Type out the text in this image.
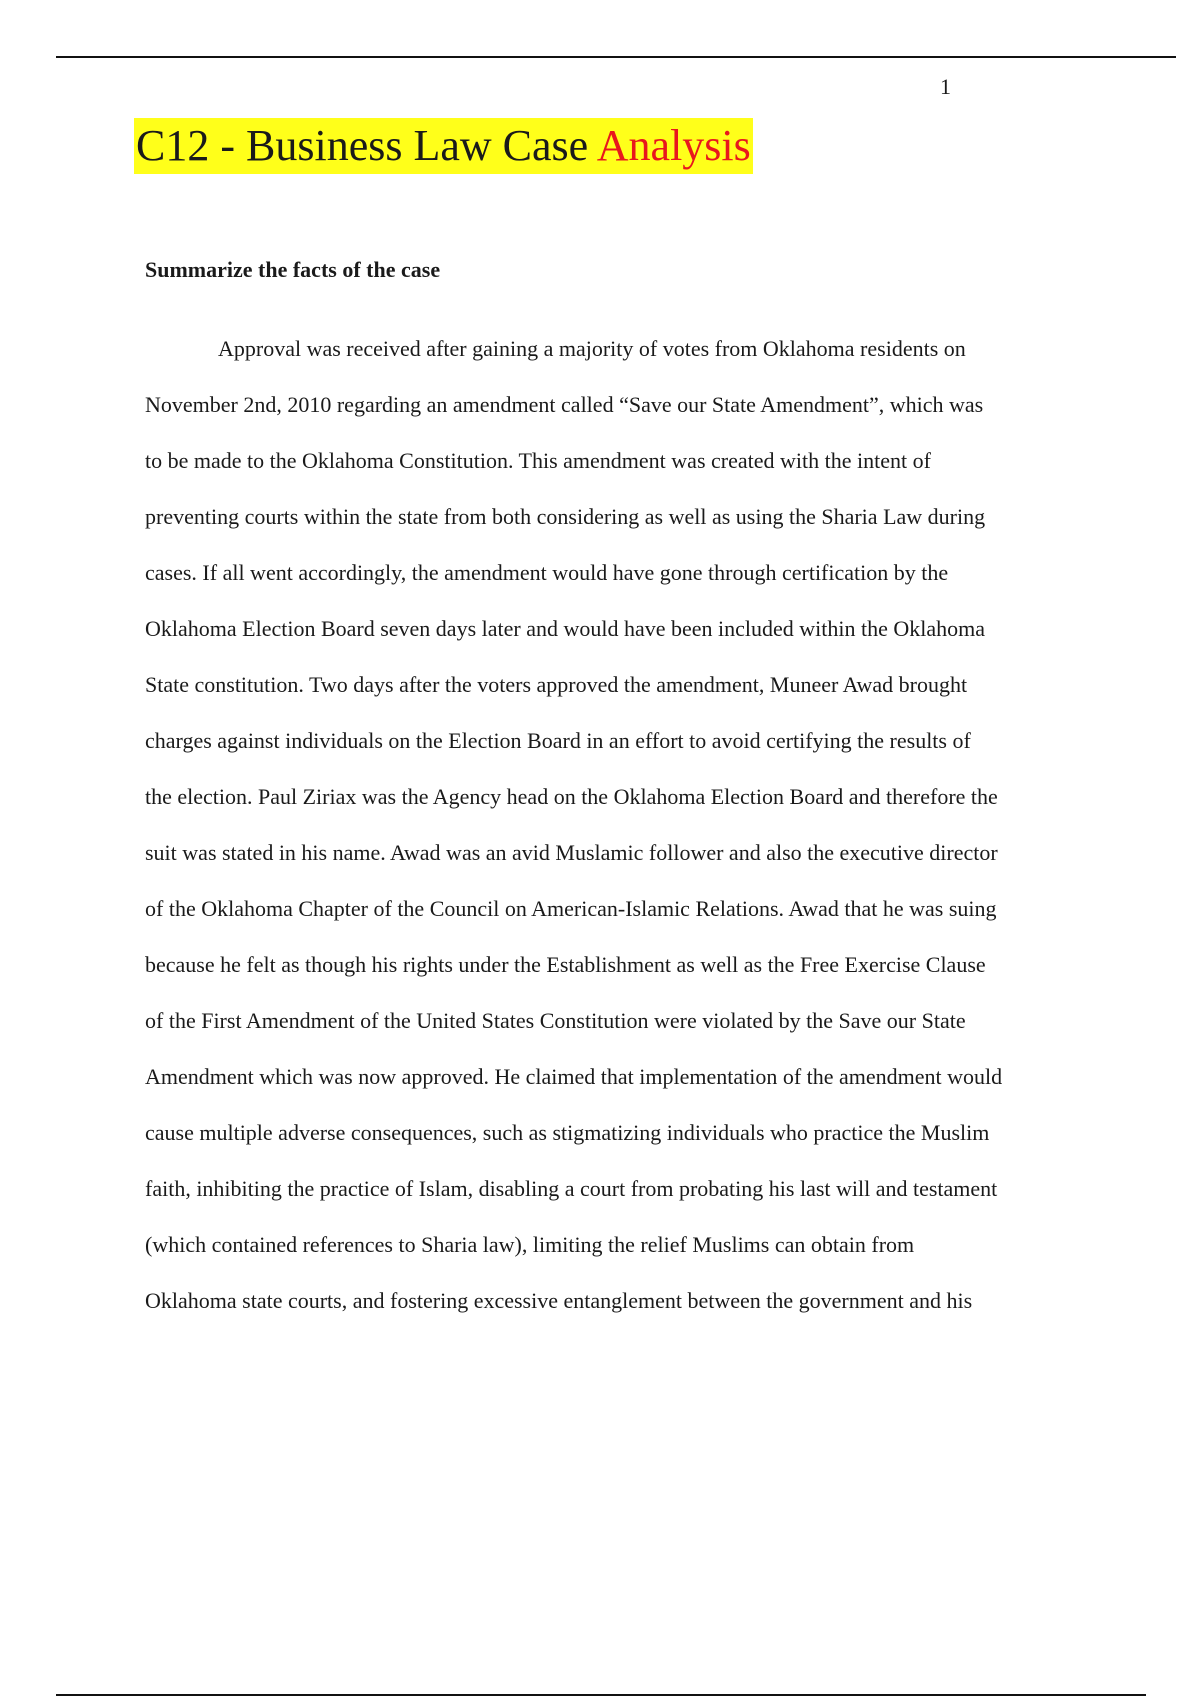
1
C12 - Business Law Case Analysis
Summarize the facts of the case

Approval was received after gaining a majority of votes from Oklahoma residents on
November 2nd, 2010 regarding an amendment called “Save our State Amendment”, which was
to be made to the Oklahoma Constitution. This amendment was created with the intent of
preventing courts within the state from both considering as well as using the Sharia Law during
cases. If all went accordingly, the amendment would have gone through certification by the
Oklahoma Election Board seven days later and would have been included within the Oklahoma
State constitution. Two days after the voters approved the amendment, Muneer Awad brought
charges against individuals on the Election Board in an effort to avoid certifying the results of
the election. Paul Ziriax was the Agency head on the Oklahoma Election Board and therefore the
suit was stated in his name. Awad was an avid Muslamic follower and also the executive director
of the Oklahoma Chapter of the Council on American-Islamic Relations. Awad that he was suing
because he felt as though his rights under the Establishment as well as the Free Exercise Clause
of the First Amendment of the United States Constitution were violated by the Save our State
Amendment which was now approved. He claimed that implementation of the amendment would
cause multiple adverse consequences, such as stigmatizing individuals who practice the Muslim
faith, inhibiting the practice of Islam, disabling a court from probating his last will and testament
(which contained references to Sharia law), limiting the relief Muslims can obtain from
Oklahoma state courts, and fostering excessive entanglement between the government and his
